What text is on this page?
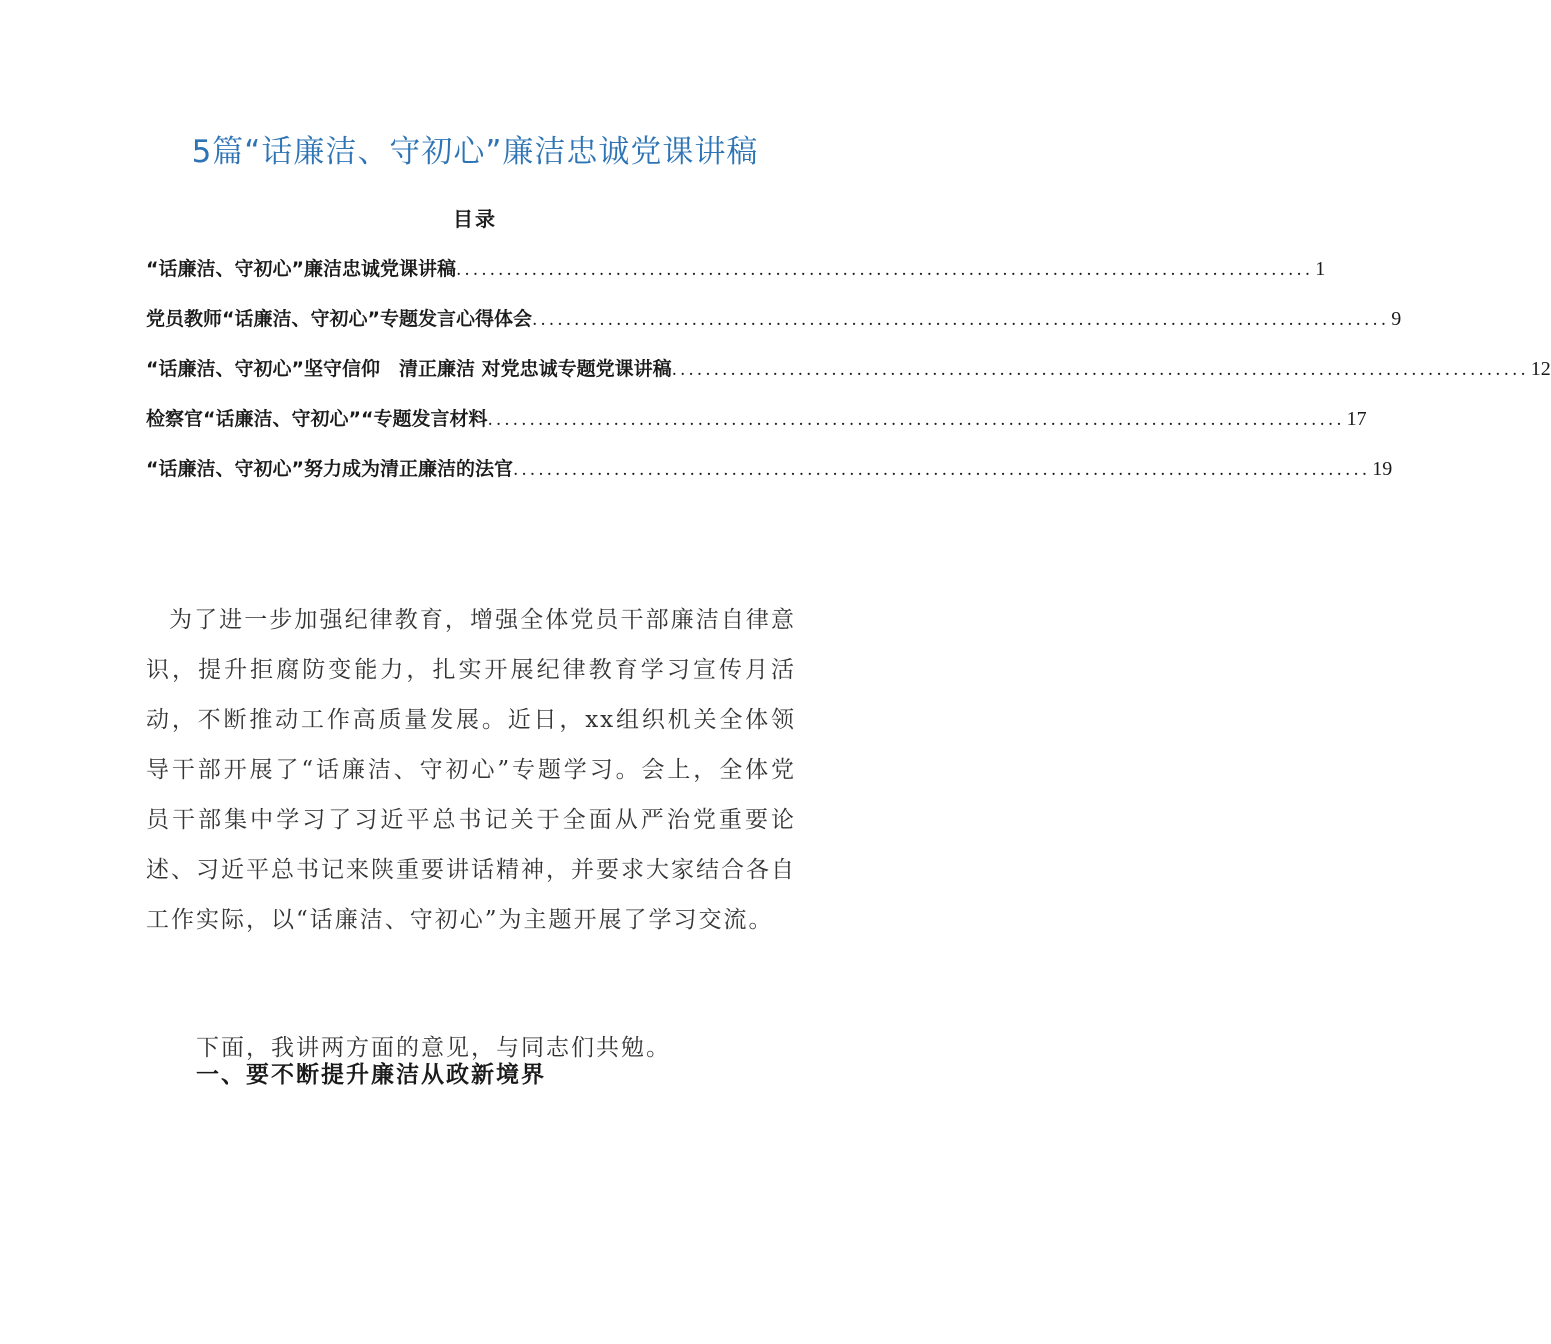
5篇“话廉洁、守初心”廉洁忠诚党课讲稿
目录
“话廉洁、守初心”廉洁忠诚党课讲稿 .....	1
党员教师“话廉洁、守初心”专题发言心得体会 .....	9
“话廉洁、守初心”坚守信仰　清正廉洁 对党忠诚专题党课讲稿 .....	12
检察官“话廉洁、守初心”“专题发言材料 .....	17
“话廉洁、守初心”努力成为清正廉洁的法官 .....	19

为了进一步加强纪律教育，增强全体党员干部廉洁自律意识，提升拒腐防变能力，扎实开展纪律教育学习宣传月活动，不断推动工作高质量发展。近日，xx组织机关全体领导干部开展了“话廉洁、守初心”专题学习。会上，全体党员干部集中学习了习近平总书记关于全面从严治党重要论述、习近平总书记来陕重要讲话精神，并要求大家结合各自工作实际，以“话廉洁、守初心”为主题开展了学习交流。

下面，我讲两方面的意见，与同志们共勉。

一、要不断提升廉洁从政新境界
